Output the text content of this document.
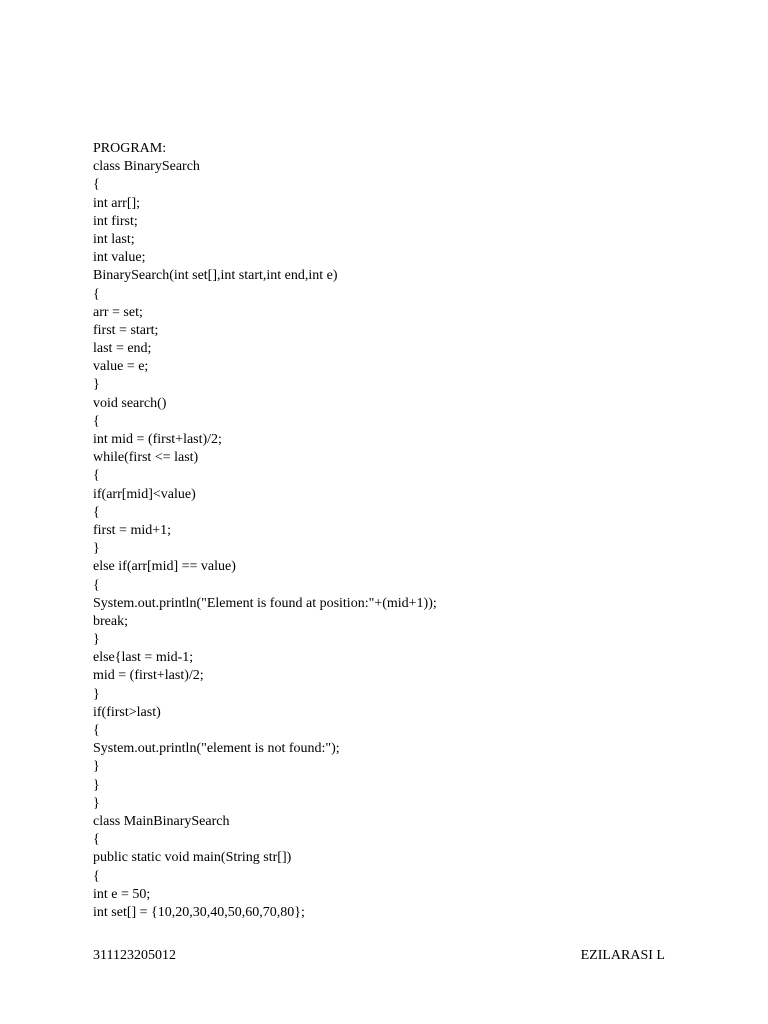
PROGRAM:
class BinarySearch
{
int arr[];
int first;
int last;
int value;
BinarySearch(int set[],int start,int end,int e)
{
arr = set;
first = start;
last = end;
value = e;
}
void search()
{
int mid = (first+last)/2;
while(first <= last)
{
if(arr[mid]<value)
{
first = mid+1;
}
else if(arr[mid] == value)
{
System.out.println("Element is found at position:"+(mid+1));
break;
}
else{last = mid-1;
mid = (first+last)/2;
}
if(first>last)
{
System.out.println("element is not found:");
}
}
}
class MainBinarySearch
{
public static void main(String str[])
{
int e = 50;
int set[] = {10,20,30,40,50,60,70,80};
311123205012	EZILARASI L
